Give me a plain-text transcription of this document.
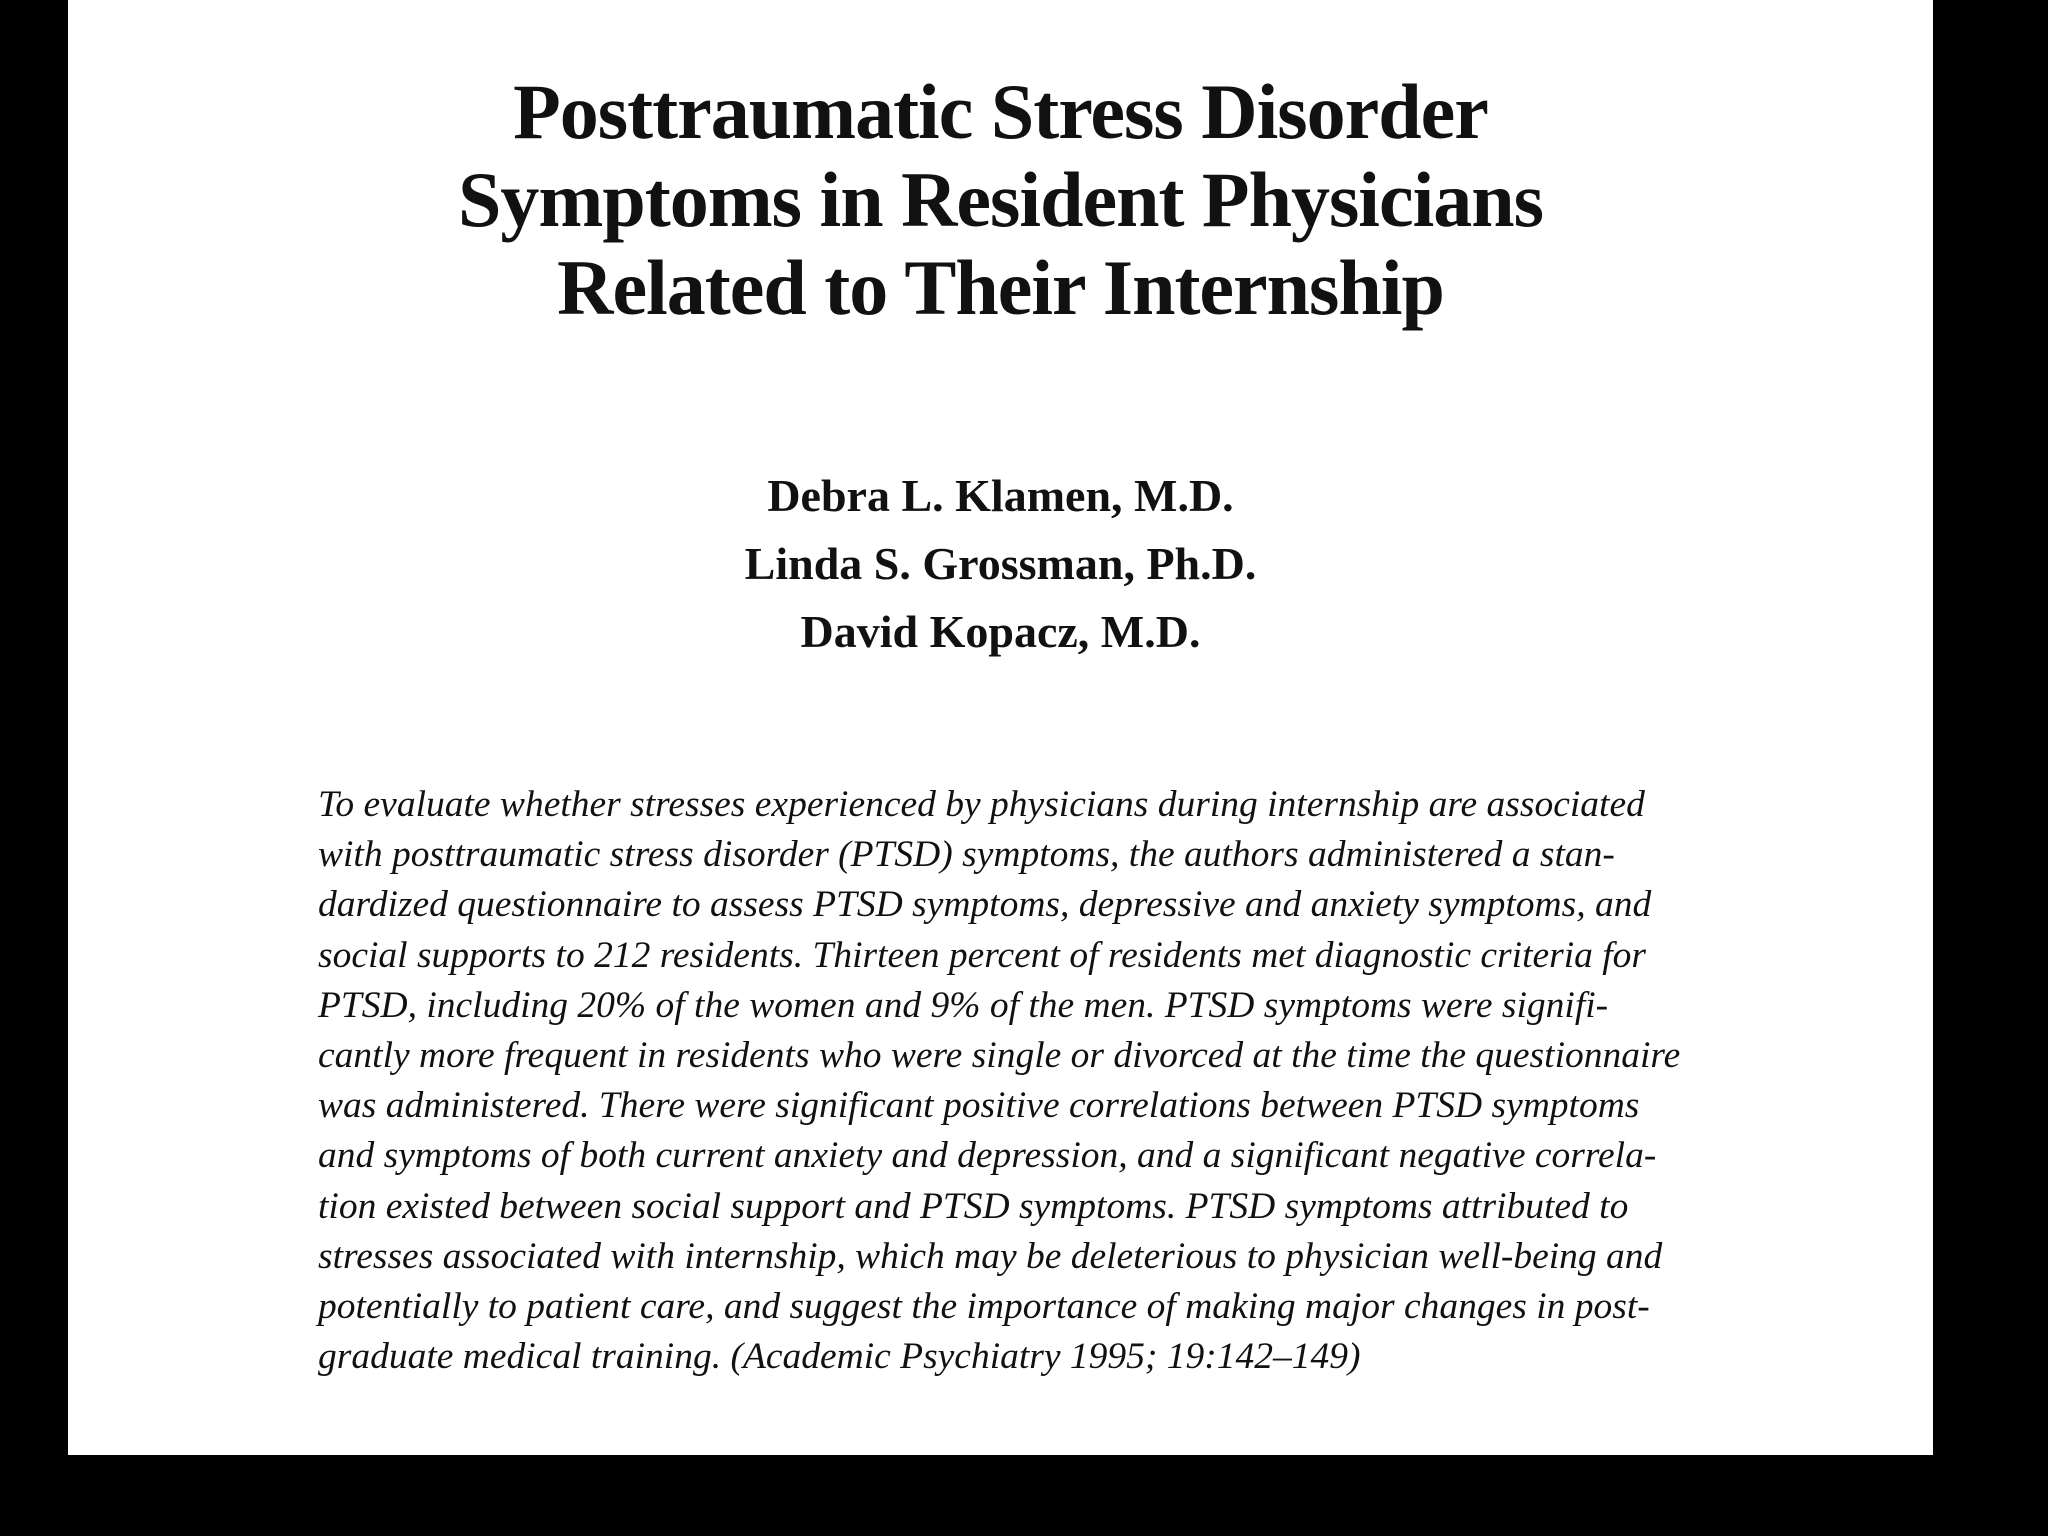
Posttraumatic Stress Disorder
Symptoms in Resident Physicians
Related to Their Internship
Debra L. Klamen, M.D.
Linda S. Grossman, Ph.D.
David Kopacz, M.D.
To evaluate whether stresses experienced by physicians during internship are associated
with posttraumatic stress disorder (PTSD) symptoms, the authors administered a stan-
dardized questionnaire to assess PTSD symptoms, depressive and anxiety symptoms, and
social supports to 212 residents. Thirteen percent of residents met diagnostic criteria for
PTSD, including 20% of the women and 9% of the men. PTSD symptoms were signifi-
cantly more frequent in residents who were single or divorced at the time the questionnaire
was administered. There were significant positive correlations between PTSD symptoms
and symptoms of both current anxiety and depression, and a significant negative correla-
tion existed between social support and PTSD symptoms. PTSD symptoms attributed to
stresses associated with internship, which may be deleterious to physician well-being and
potentially to patient care, and suggest the importance of making major changes in post-
graduate medical training. (Academic Psychiatry 1995; 19:142–149)
